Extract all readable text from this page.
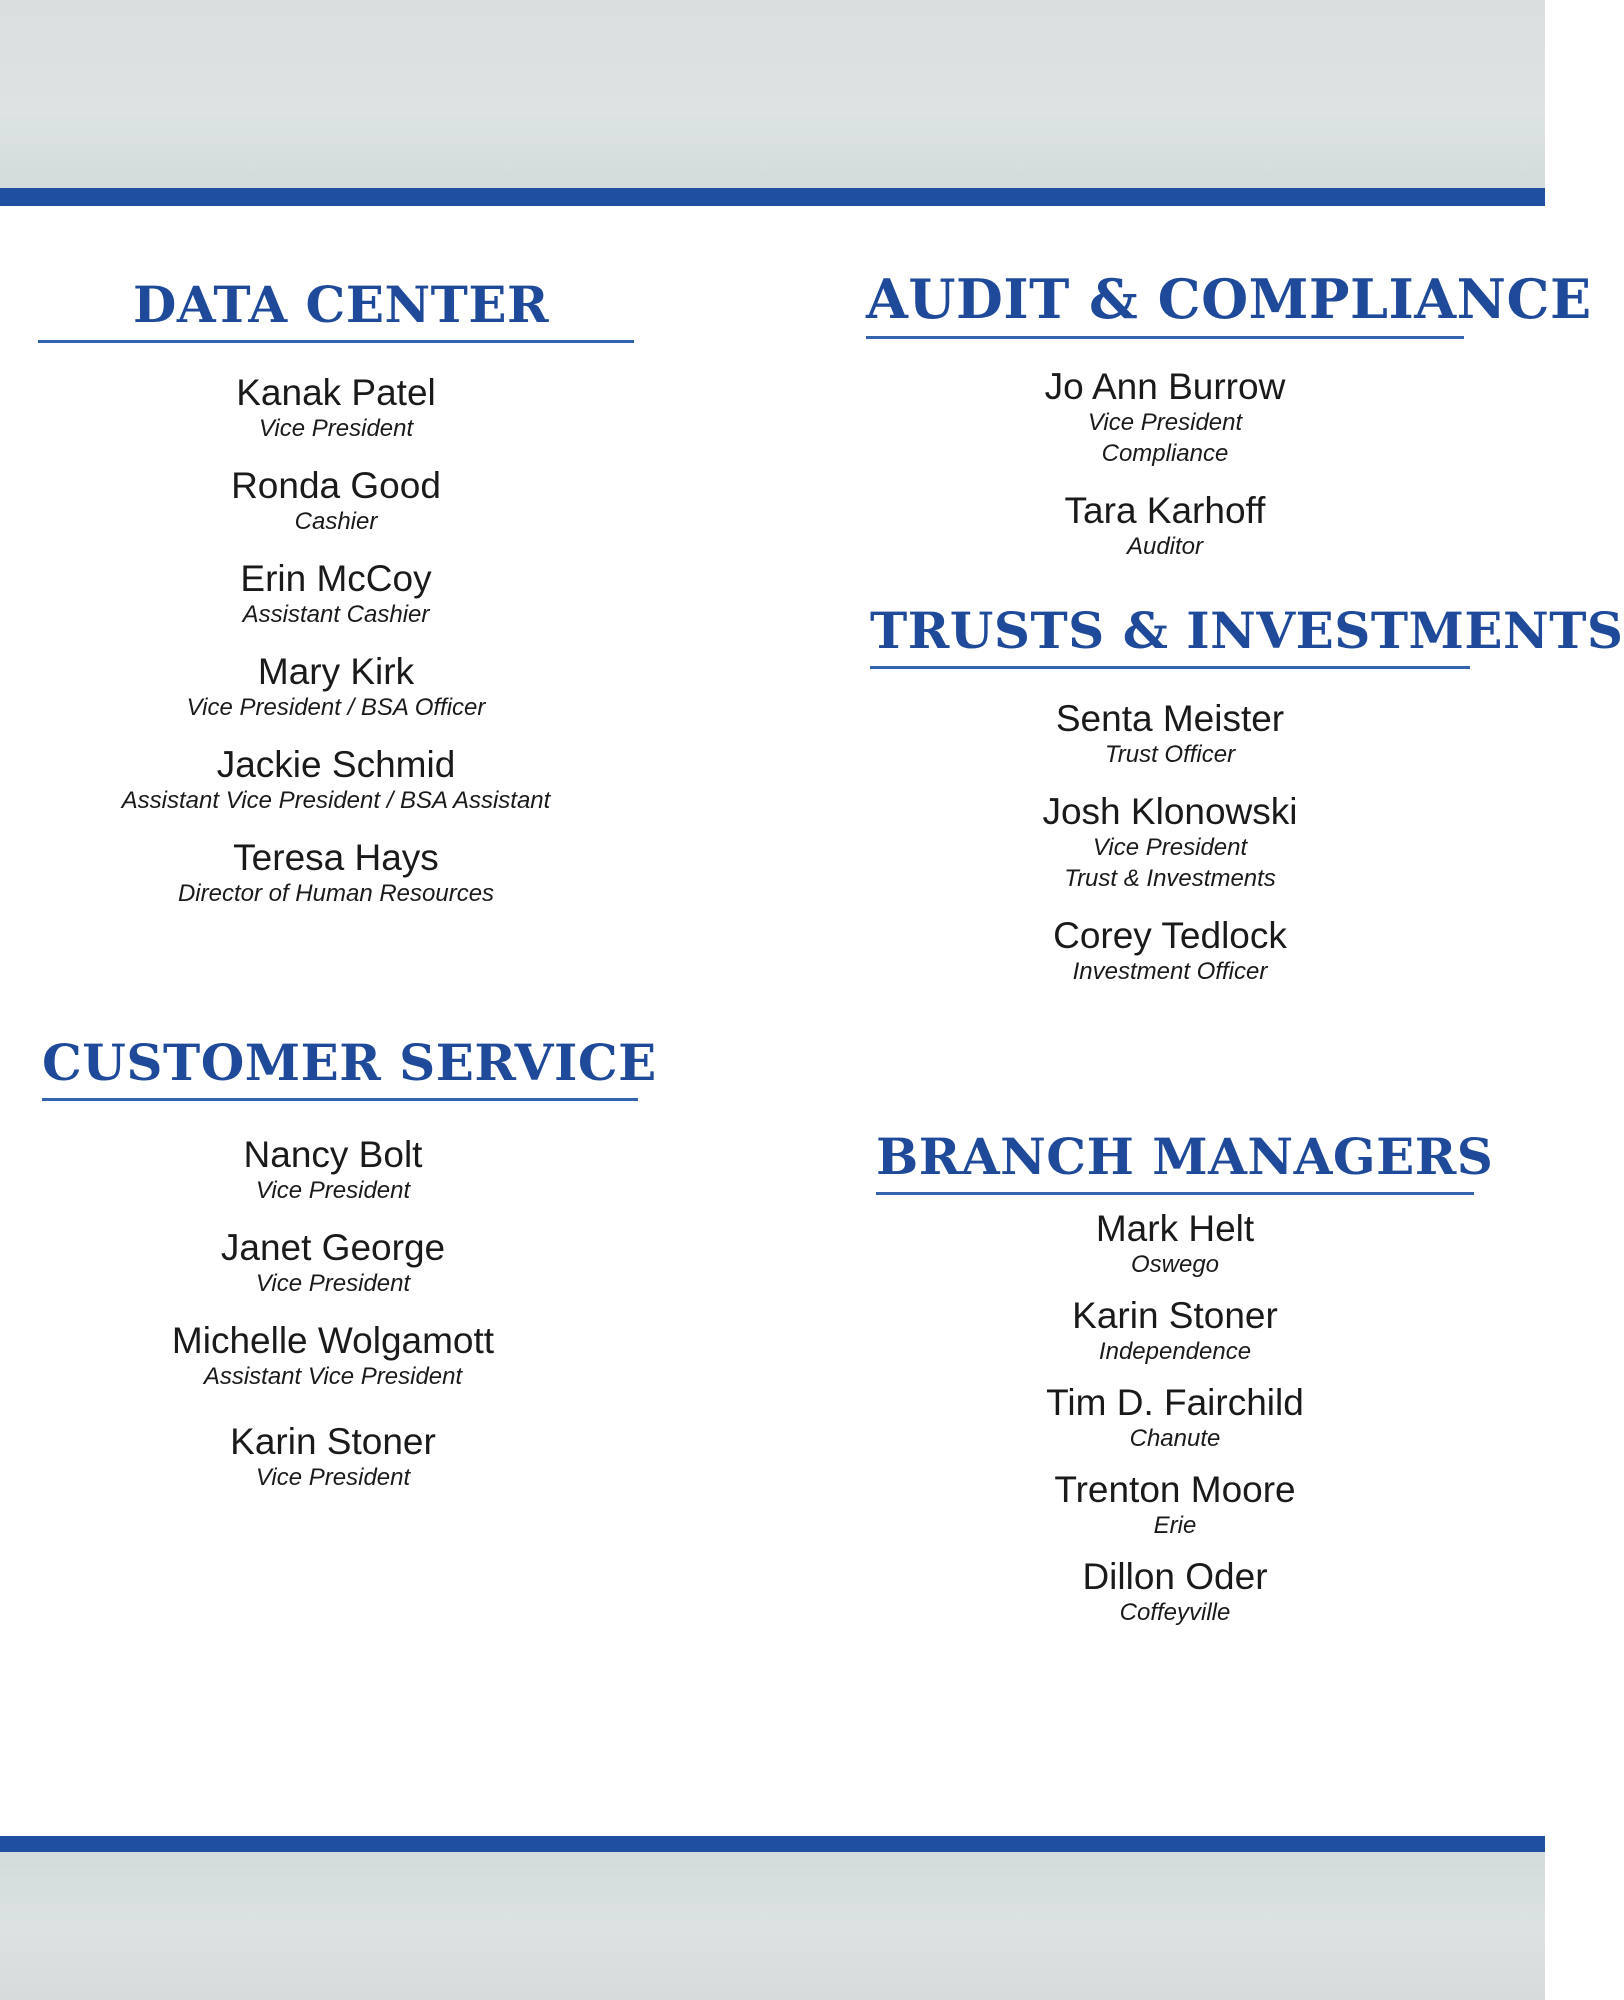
DATA CENTER
Kanak Patel
Vice President
Ronda Good
Cashier
Erin McCoy
Assistant Cashier
Mary Kirk
Vice President / BSA Officer
Jackie Schmid
Assistant Vice President / BSA Assistant
Teresa Hays
Director of Human Resources
CUSTOMER SERVICE
Nancy Bolt
Vice President
Janet George
Vice President
Michelle Wolgamott
Assistant Vice President
Karin Stoner
Vice President
AUDIT & COMPLIANCE
Jo Ann Burrow
Vice President
Compliance
Tara Karhoff
Auditor
TRUSTS & INVESTMENTS
Senta Meister
Trust Officer
Josh Klonowski
Vice President
Trust & Investments
Corey Tedlock
Investment Officer
BRANCH MANAGERS
Mark Helt
Oswego
Karin Stoner
Independence
Tim D. Fairchild
Chanute
Trenton Moore
Erie
Dillon Oder
Coffeyville
